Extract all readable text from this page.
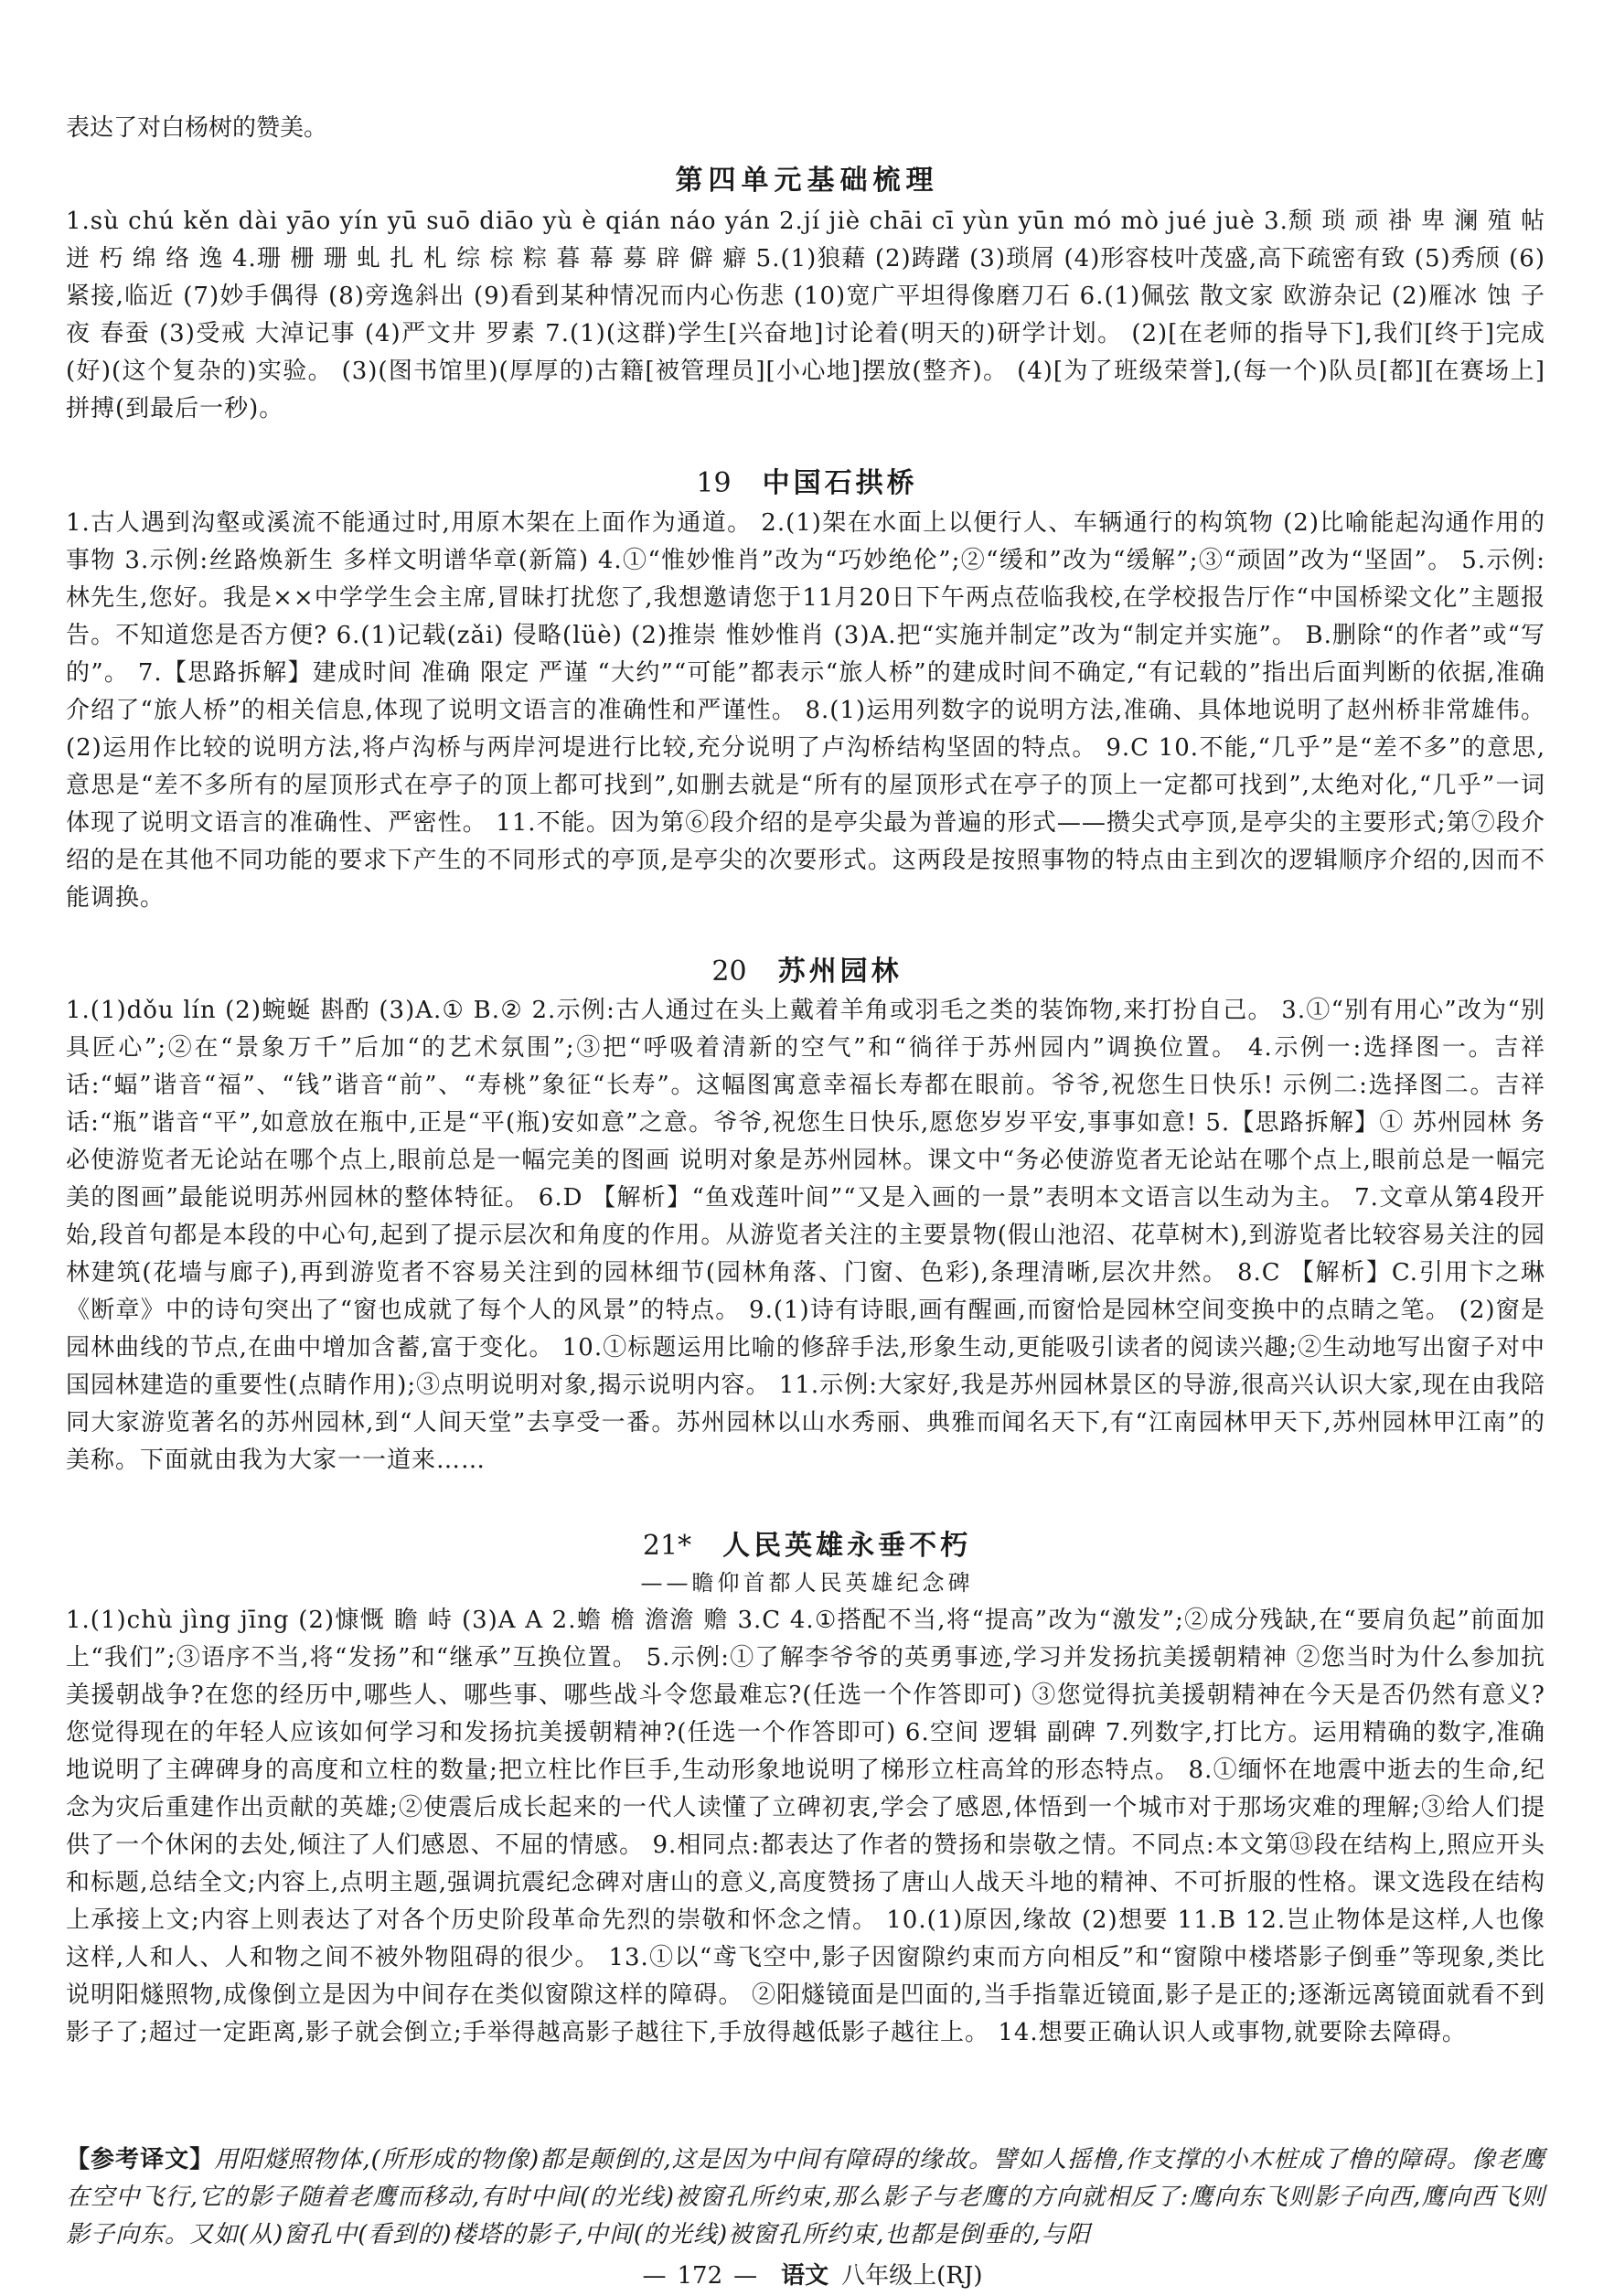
表达了对白杨树的赞美。
第四单元基础梳理
1.sù chú kěn dài yāo yín yū suō diāo yù è qián náo yán 2.jí jiè chāi cī yùn yūn mó mò jué juè 3.颓 琐 顽 褂 卑 澜 殖 帖 迸 朽 绵 络 逸 4.珊 栅 珊 虬 扎 札 综 棕 粽 暮 幕 募 辟 僻 癖 5.(1)狼藉 (2)踌躇 (3)琐屑 (4)形容枝叶茂盛,高下疏密有致 (5)秀颀 (6)紧接,临近 (7)妙手偶得 (8)旁逸斜出 (9)看到某种情况而内心伤悲 (10)宽广平坦得像磨刀石 6.(1)佩弦 散文家 欧游杂记 (2)雁冰 蚀 子夜 春蚕 (3)受戒 大淖记事 (4)严文井 罗素 7.(1)(这群)学生[兴奋地]讨论着(明天的)研学计划。 (2)[在老师的指导下],我们[终于]完成(好)(这个复杂的)实验。 (3)(图书馆里)(厚厚的)古籍[被管理员][小心地]摆放(整齐)。 (4)[为了班级荣誉],(每一个)队员[都][在赛场上]拼搏(到最后一秒)。
19 中国石拱桥
1.古人遇到沟壑或溪流不能通过时,用原木架在上面作为通道。 2.(1)架在水面上以便行人、车辆通行的构筑物 (2)比喻能起沟通作用的事物 3.示例:丝路焕新生 多样文明谱华章(新篇) 4.①“惟妙惟肖”改为“巧妙绝伦”;②“缓和”改为“缓解”;③“顽固”改为“坚固”。 5.示例:林先生,您好。我是××中学学生会主席,冒昧打扰您了,我想邀请您于11月20日下午两点莅临我校,在学校报告厅作“中国桥梁文化”主题报告。不知道您是否方便? 6.(1)记载(zǎi) 侵略(lüè) (2)推崇 惟妙惟肖 (3)A.把“实施并制定”改为“制定并实施”。 B.删除“的作者”或“写的”。 7.【思路拆解】建成时间 准确 限定 严谨 “大约”“可能”都表示“旅人桥”的建成时间不确定,“有记载的”指出后面判断的依据,准确介绍了“旅人桥”的相关信息,体现了说明文语言的准确性和严谨性。 8.(1)运用列数字的说明方法,准确、具体地说明了赵州桥非常雄伟。 (2)运用作比较的说明方法,将卢沟桥与两岸河堤进行比较,充分说明了卢沟桥结构坚固的特点。 9.C 10.不能,“几乎”是“差不多”的意思,意思是“差不多所有的屋顶形式在亭子的顶上都可找到”,如删去就是“所有的屋顶形式在亭子的顶上一定都可找到”,太绝对化,“几乎”一词体现了说明文语言的准确性、严密性。 11.不能。因为第⑥段介绍的是亭尖最为普遍的形式——攒尖式亭顶,是亭尖的主要形式;第⑦段介绍的是在其他不同功能的要求下产生的不同形式的亭顶,是亭尖的次要形式。这两段是按照事物的特点由主到次的逻辑顺序介绍的,因而不能调换。
20 苏州园林
1.(1)dǒu lín (2)蜿蜒 斟酌 (3)A.① B.② 2.示例:古人通过在头上戴着羊角或羽毛之类的装饰物,来打扮自己。 3.①“别有用心”改为“别具匠心”;②在“景象万千”后加“的艺术氛围”;③把“呼吸着清新的空气”和“徜徉于苏州园内”调换位置。 4.示例一:选择图一。吉祥话:“蝠”谐音“福”、“钱”谐音“前”、“寿桃”象征“长寿”。这幅图寓意幸福长寿都在眼前。爷爷,祝您生日快乐! 示例二:选择图二。吉祥话:“瓶”谐音“平”,如意放在瓶中,正是“平(瓶)安如意”之意。爷爷,祝您生日快乐,愿您岁岁平安,事事如意! 5.【思路拆解】① 苏州园林 务必使游览者无论站在哪个点上,眼前总是一幅完美的图画 说明对象是苏州园林。课文中“务必使游览者无论站在哪个点上,眼前总是一幅完美的图画”最能说明苏州园林的整体特征。 6.D 【解析】“鱼戏莲叶间”“又是入画的一景”表明本文语言以生动为主。 7.文章从第4段开始,段首句都是本段的中心句,起到了提示层次和角度的作用。从游览者关注的主要景物(假山池沼、花草树木),到游览者比较容易关注的园林建筑(花墙与廊子),再到游览者不容易关注到的园林细节(园林角落、门窗、色彩),条理清晰,层次井然。 8.C 【解析】C.引用卞之琳《断章》中的诗句突出了“窗也成就了每个人的风景”的特点。 9.(1)诗有诗眼,画有醒画,而窗恰是园林空间变换中的点睛之笔。 (2)窗是园林曲线的节点,在曲中增加含蓄,富于变化。 10.①标题运用比喻的修辞手法,形象生动,更能吸引读者的阅读兴趣;②生动地写出窗子对中国园林建造的重要性(点睛作用);③点明说明对象,揭示说明内容。 11.示例:大家好,我是苏州园林景区的导游,很高兴认识大家,现在由我陪同大家游览著名的苏州园林,到“人间天堂”去享受一番。苏州园林以山水秀丽、典雅而闻名天下,有“江南园林甲天下,苏州园林甲江南”的美称。下面就由我为大家一一道来……
21* 人民英雄永垂不朽
——瞻仰首都人民英雄纪念碑
1.(1)chù jìng jīng (2)慷慨 瞻 峙 (3)A A 2.蟾 檐 澹澹 赡 3.C 4.①搭配不当,将“提高”改为“激发”;②成分残缺,在“要肩负起”前面加上“我们”;③语序不当,将“发扬”和“继承”互换位置。 5.示例:①了解李爷爷的英勇事迹,学习并发扬抗美援朝精神 ②您当时为什么参加抗美援朝战争?在您的经历中,哪些人、哪些事、哪些战斗令您最难忘?(任选一个作答即可) ③您觉得抗美援朝精神在今天是否仍然有意义?您觉得现在的年轻人应该如何学习和发扬抗美援朝精神?(任选一个作答即可) 6.空间 逻辑 副碑 7.列数字,打比方。运用精确的数字,准确地说明了主碑碑身的高度和立柱的数量;把立柱比作巨手,生动形象地说明了梯形立柱高耸的形态特点。 8.①缅怀在地震中逝去的生命,纪念为灾后重建作出贡献的英雄;②使震后成长起来的一代人读懂了立碑初衷,学会了感恩,体悟到一个城市对于那场灾难的理解;③给人们提供了一个休闲的去处,倾注了人们感恩、不屈的情感。 9.相同点:都表达了作者的赞扬和崇敬之情。不同点:本文第⑬段在结构上,照应开头和标题,总结全文;内容上,点明主题,强调抗震纪念碑对唐山的意义,高度赞扬了唐山人战天斗地的精神、不可折服的性格。课文选段在结构上承接上文;内容上则表达了对各个历史阶段革命先烈的崇敬和怀念之情。 10.(1)原因,缘故 (2)想要 11.B 12.岂止物体是这样,人也像这样,人和人、人和物之间不被外物阻碍的很少。 13.①以“鸢飞空中,影子因窗隙约束而方向相反”和“窗隙中楼塔影子倒垂”等现象,类比说明阳燧照物,成像倒立是因为中间存在类似窗隙这样的障碍。 ②阳燧镜面是凹面的,当手指靠近镜面,影子是正的;逐渐远离镜面就看不到影子了;超过一定距离,影子就会倒立;手举得越高影子越往下,手放得越低影子越往上。 14.想要正确认识人或事物,就要除去障碍。
【参考译文】用阳燧照物体,(所形成的物像)都是颠倒的,这是因为中间有障碍的缘故。譬如人摇橹,作支撑的小木桩成了橹的障碍。像老鹰在空中飞行,它的影子随着老鹰而移动,有时中间(的光线)被窗孔所约束,那么影子与老鹰的方向就相反了:鹰向东飞则影子向西,鹰向西飞则影子向东。又如(从)窗孔中(看到的)楼塔的影子,中间(的光线)被窗孔所约束,也都是倒垂的,与阳
— 172 — 语文 八年级上(RJ)
